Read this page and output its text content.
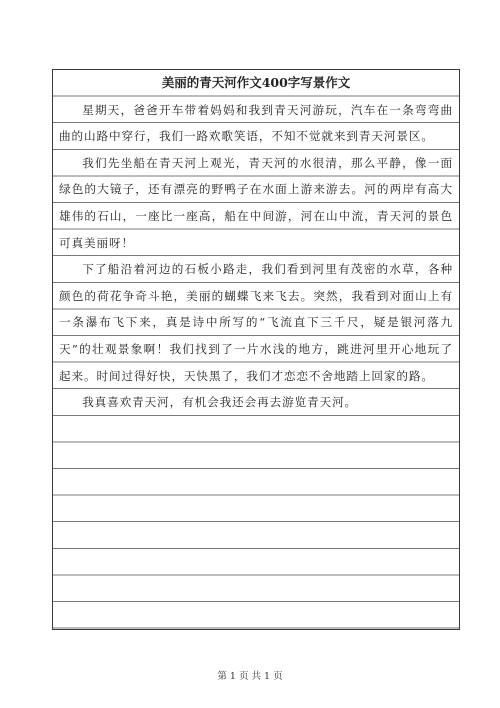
美丽的青天河作文400字写景作文

星期天，爸爸开车带着妈妈和我到青天河游玩，汽车在一条弯弯曲曲的山路中穿行，我们一路欢歌笑语，不知不觉就来到青天河景区。

我们先坐船在青天河上观光，青天河的水很清，那么平静，像一面绿色的大镜子，还有漂亮的野鸭子在水面上游来游去。河的两岸有高大雄伟的石山，一座比一座高，船在中间游，河在山中流，青天河的景色可真美丽呀！

下了船沿着河边的石板小路走，我们看到河里有茂密的水草，各种颜色的荷花争奇斗艳，美丽的蝴蝶飞来飞去。突然，我看到对面山上有一条瀑布飞下来，真是诗中所写的“飞流直下三千尺，疑是银河落九天”的壮观景象啊！我们找到了一片水浅的地方，跳进河里开心地玩了起来。时间过得好快，天快黑了，我们才恋恋不舍地踏上回家的路。

我真喜欢青天河，有机会我还会再去游览青天河。

第 1 页 共 1 页
